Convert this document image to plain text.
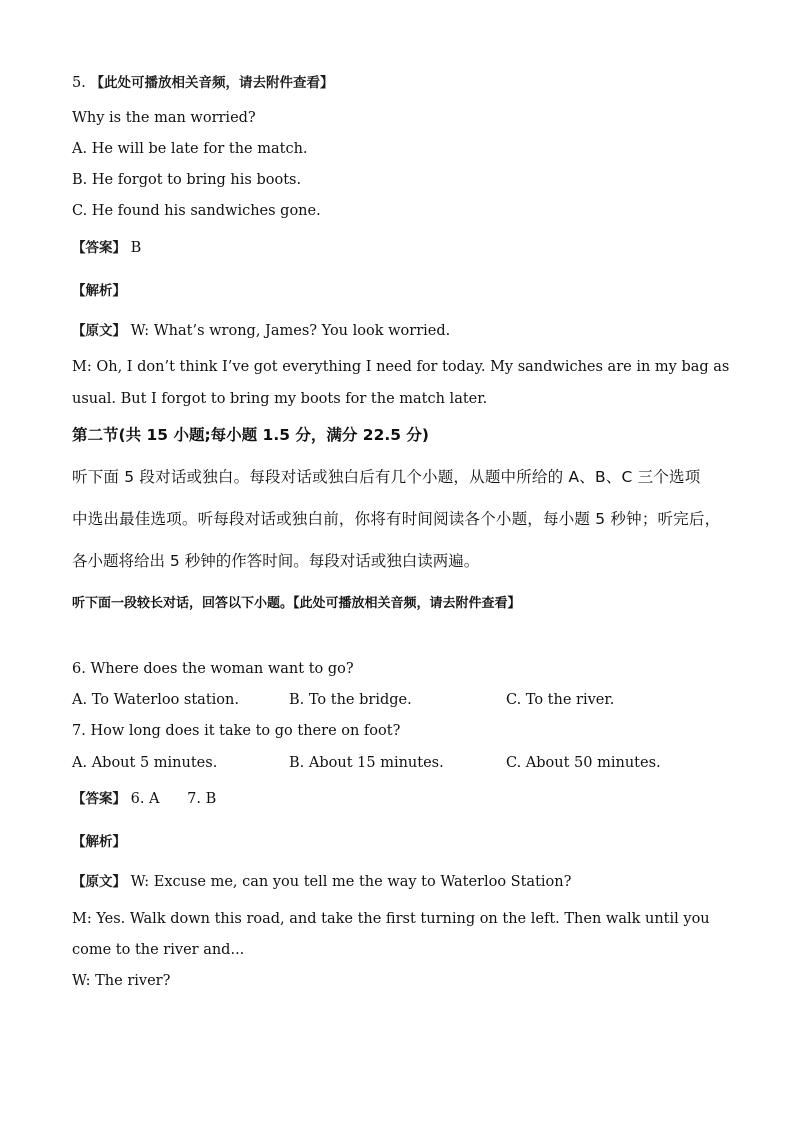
5. 【此处可播放相关音频，请去附件查看】
Why is the man worried?
A. He will be late for the match.
B. He forgot to bring his boots.
C. He found his sandwiches gone.
【答案】 B
【解析】
【原文】 W: What’s wrong, James? You look worried.
M: Oh, I don’t think I’ve got everything I need for today. My sandwiches are in my bag as
usual. But I forgot to bring my boots for the match later.
第二节(共 15 小题;每小题 1.5 分，满分 22.5 分)
听下面 5 段对话或独白。每段对话或独白后有几个小题，从题中所给的 A、B、C 三个选项
中选出最佳选项。听每段对话或独白前，你将有时间阅读各个小题，每小题 5 秒钟；听完后，
各小题将给出 5 秒钟的作答时间。每段对话或独白读两遍。
听下面一段较长对话，回答以下小题。【此处可播放相关音频，请去附件查看】
6. Where does the woman want to go?
A. To Waterloo station.	B. To the bridge.	C. To the river.
7. How long does it take to go there on foot?
A. About 5 minutes.	B. About 15 minutes.	C. About 50 minutes.
【答案】 6. A      7. B
【解析】
【原文】 W: Excuse me, can you tell me the way to Waterloo Station?
M: Yes. Walk down this road, and take the first turning on the left. Then walk until you
come to the river and...
W: The river?
